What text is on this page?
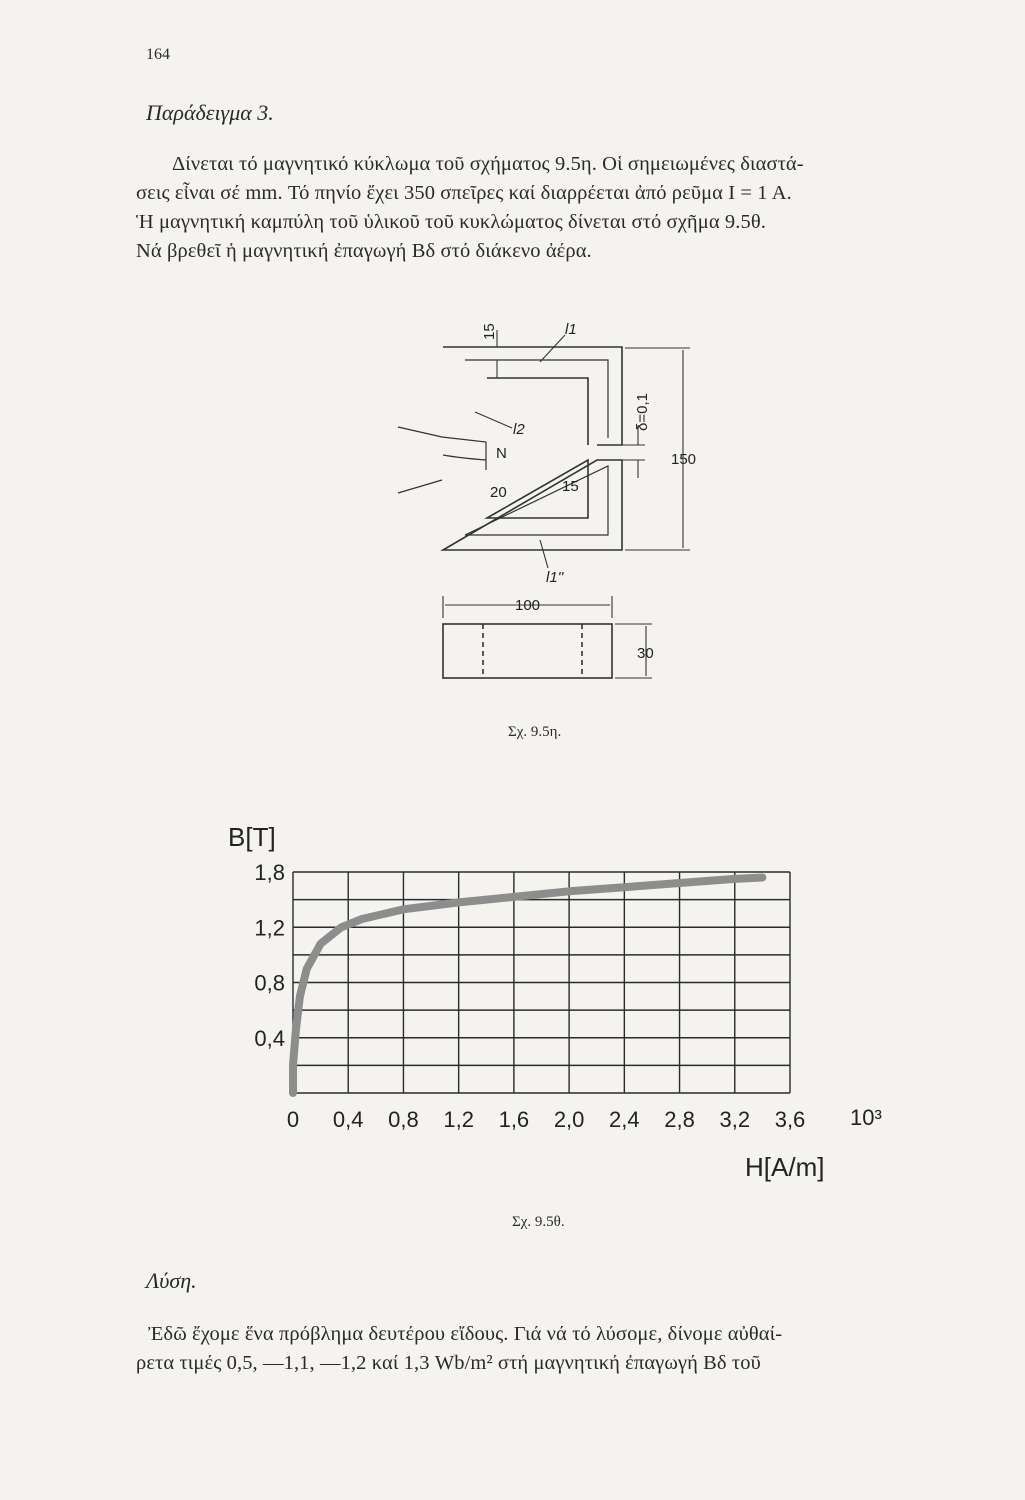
164
Παράδειγμα 3.
Δίνεται τό μαγνητικό κύκλωμα τοῦ σχήματος 9.5η. Οἱ σημειωμένες διαστά-
σεις εἶναι σέ mm. Τό πηνίο ἔχει 350 σπεῖρες καί διαρρέεται ἀπό ρεῦμα I = 1 A.
Ἡ μαγνητική καμπύλη τοῦ ὑλικοῦ τοῦ κυκλώματος δίνεται στό σχῆμα 9.5θ.
Νά βρεθεῖ ἡ μαγνητική ἐπαγωγή Bδ στό διάκενο ἀέρα.
15	l1
l2
N
20	15
δ=0,1
150
l1''
100
30
Σχ. 9.5η.
B[T]
H[A/m]
10³
0 0,4 0,8 1,2 1,6 2,0 2,4 2,8 3,2 3,6
0,4
0,8
1,2
1,8
Σχ. 9.5θ.
Λύση.
Ἐδῶ ἔχομε ἕνα πρόβλημα δευτέρου εἴδους. Γιά νά τό λύσομε, δίνομε αὐθαί-
ρετα τιμές 0,5, —1,1, —1,2 καί 1,3 Wb/m² στή μαγνητική ἐπαγωγή Bδ τοῦ
